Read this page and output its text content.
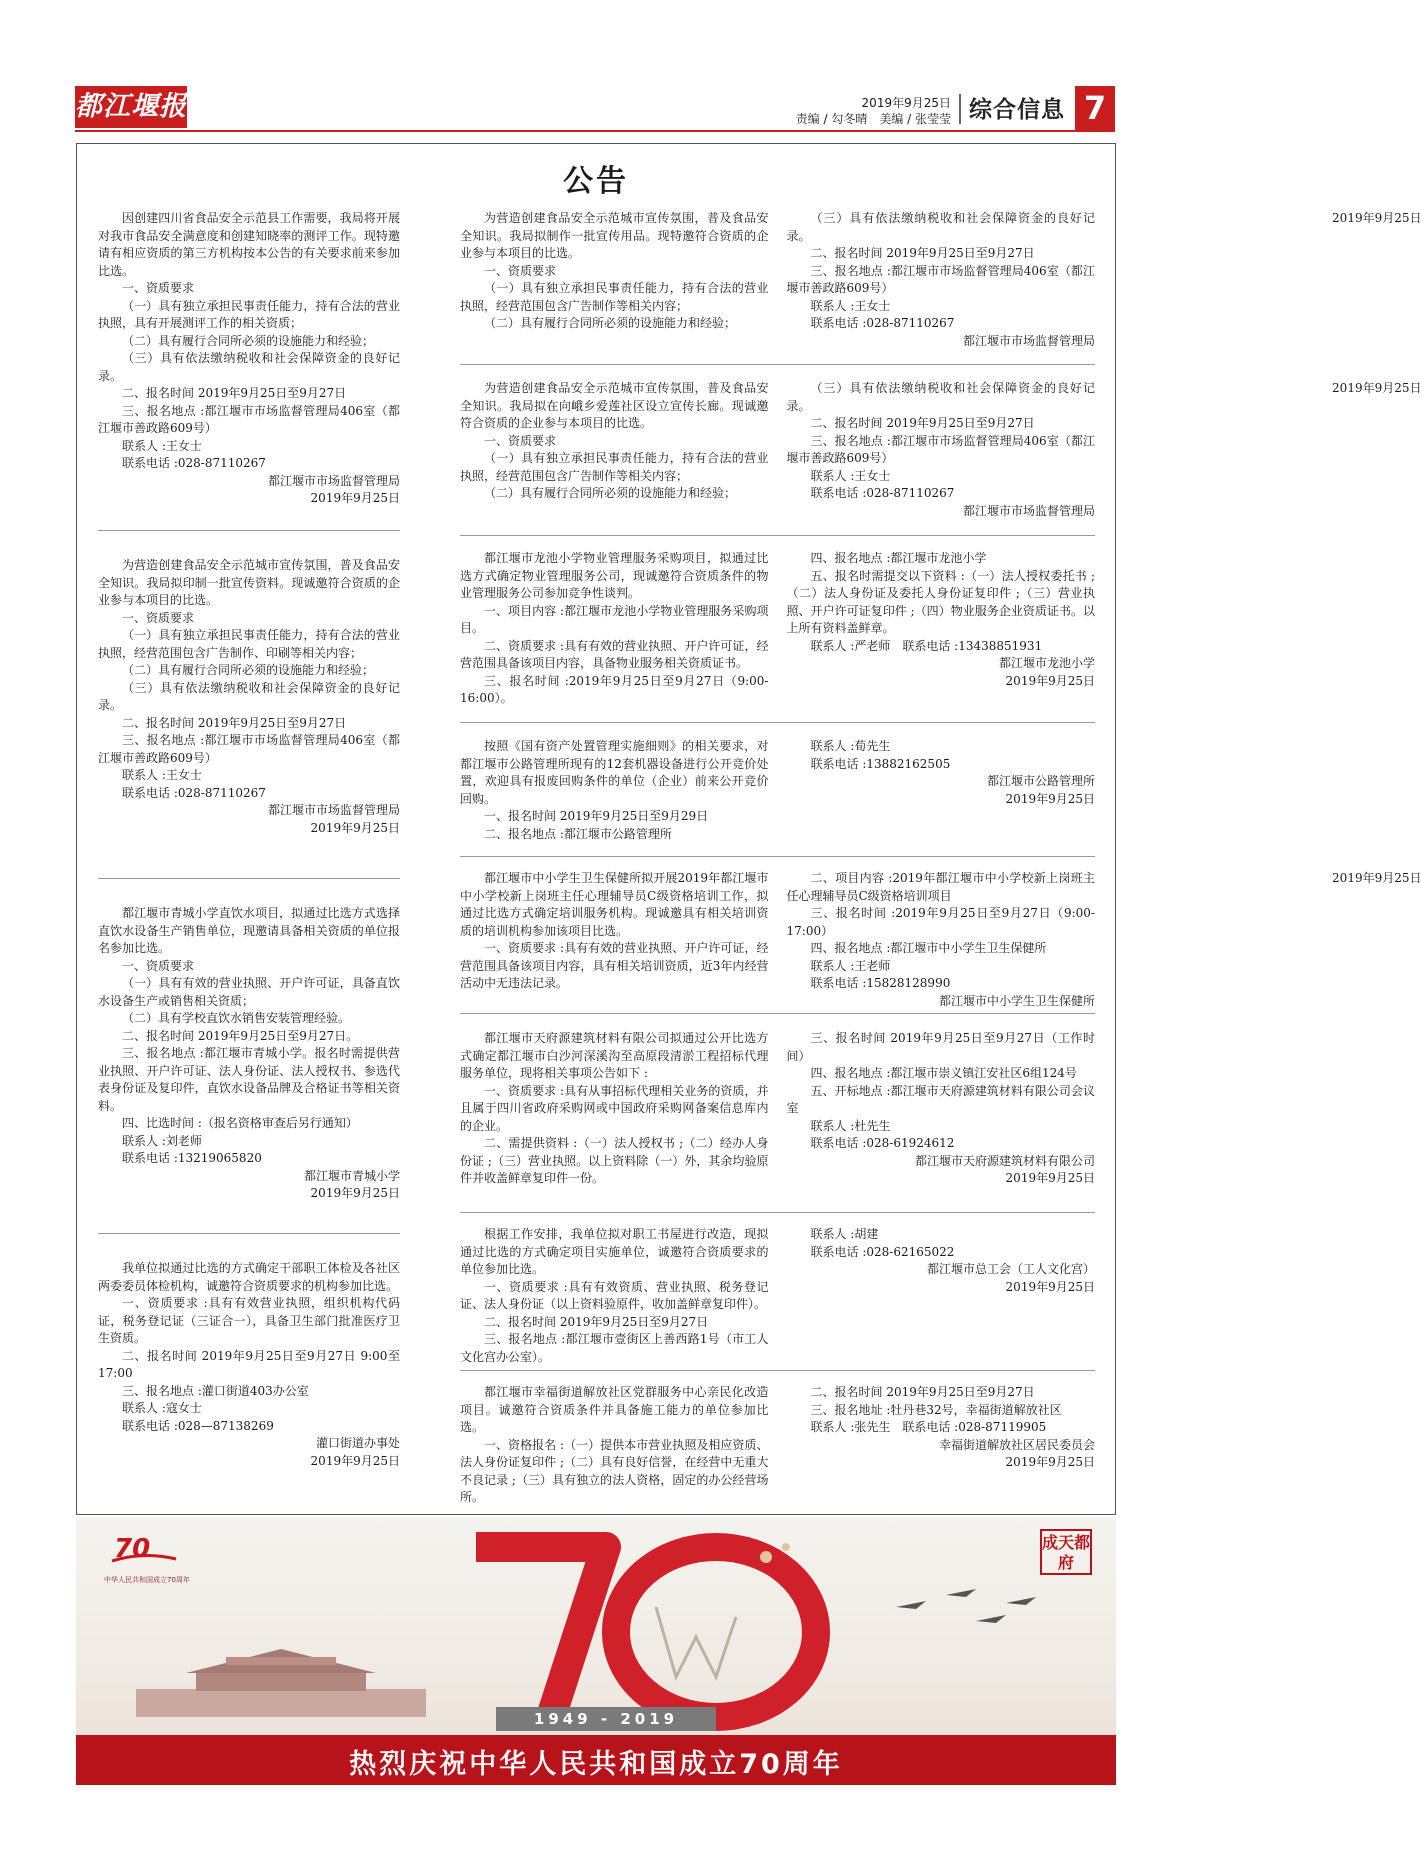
都江堰报	2019年9月25日
责编 / 勾冬晴　美编 / 张莹莹 综合信息 7
公告

因创建四川省食品安全示范县工作需要，我局将开展对我市食品安全满意度和创建知晓率的测评工作。现特邀请有相应资质的第三方机构按本公告的有关要求前来参加比选。

一、资质要求

（一）具有独立承担民事责任能力，持有合法的营业执照，具有开展测评工作的相关资质；

（二）具有履行合同所必须的设施能力和经验；

（三）具有依法缴纳税收和社会保障资金的良好记录。

二、报名时间 2019年9月25日至9月27日

三、报名地点 :都江堰市市场监督管理局406室（都江堰市善政路609号）

联系人 :王女士

联系电话 :028-87110267

都江堰市市场监督管理局

2019年9月25日

为营造创建食品安全示范城市宣传氛围，普及食品安全知识。我局拟印制一批宣传资料。现诚邀符合资质的企业参与本项目的比选。

一、资质要求

（一）具有独立承担民事责任能力，持有合法的营业执照，经营范围包含广告制作、印刷等相关内容；

（二）具有履行合同所必须的设施能力和经验；

（三）具有依法缴纳税收和社会保障资金的良好记录。

二、报名时间 2019年9月25日至9月27日

三、报名地点 :都江堰市市场监督管理局406室（都江堰市善政路609号）

联系人 :王女士

联系电话 :028-87110267

都江堰市市场监督管理局

2019年9月25日

都江堰市青城小学直饮水项目，拟通过比选方式选择直饮水设备生产销售单位，现邀请具备相关资质的单位报名参加比选。

一、资质要求

（一）具有有效的营业执照、开户许可证，具备直饮水设备生产或销售相关资质；

（二）具有学校直饮水销售安装管理经验。

二、报名时间 2019年9月25日至9月27日。

三、报名地点 :都江堰市青城小学。报名时需提供营业执照、开户许可证、法人身份证、法人授权书、参选代表身份证及复印件，直饮水设备品牌及合格证书等相关资料。

四、比选时间 :（报名资格审查后另行通知）

联系人 :刘老师

联系电话 :13219065820

都江堰市青城小学

2019年9月25日

我单位拟通过比选的方式确定干部职工体检及各社区两委委员体检机构，诚邀符合资质要求的机构参加比选。

一、资质要求 :具有有效营业执照，组织机构代码证，税务登记证（三证合一），具备卫生部门批准医疗卫生资质。

二、报名时间 2019年9月25日至9月27日 9:00至17:00

三、报名地点 :灌口街道403办公室

联系人 :寇女士

联系电话 :028—87138269

灌口街道办事处

2019年9月25日

为营造创建食品安全示范城市宣传氛围，普及食品安全知识。我局拟制作一批宣传用品。现特邀符合资质的企业参与本项目的比选。

一、资质要求

（一）具有独立承担民事责任能力，持有合法的营业执照，经营范围包含广告制作等相关内容；

（二）具有履行合同所必须的设施能力和经验；

（三）具有依法缴纳税收和社会保障资金的良好记录。

二、报名时间 2019年9月25日至9月27日

三、报名地点 :都江堰市市场监督管理局406室（都江堰市善政路609号）

联系人 :王女士

联系电话 :028-87110267

都江堰市市场监督管理局

2019年9月25日

为营造创建食品安全示范城市宣传氛围，普及食品安全知识。我局拟在向峨乡爱莲社区设立宣传长廊。现诚邀符合资质的企业参与本项目的比选。

一、资质要求

（一）具有独立承担民事责任能力，持有合法的营业执照，经营范围包含广告制作等相关内容；

（二）具有履行合同所必须的设施能力和经验；

（三）具有依法缴纳税收和社会保障资金的良好记录。

二、报名时间 2019年9月25日至9月27日

三、报名地点 :都江堰市市场监督管理局406室（都江堰市善政路609号）

联系人 :王女士

联系电话 :028-87110267

都江堰市市场监督管理局

2019年9月25日

都江堰市龙池小学物业管理服务采购项目，拟通过比选方式确定物业管理服务公司，现诚邀符合资质条件的物业管理服务公司参加竞争性谈判。

一、项目内容 :都江堰市龙池小学物业管理服务采购项目。

二、资质要求 :具有有效的营业执照、开户许可证，经营范围具备该项目内容，具备物业服务相关资质证书。

三、报名时间 :2019年9月25日至9月27日（9:00-16:00）。

四、报名地点 :都江堰市龙池小学

五、报名时需提交以下资料 :（一）法人授权委托书 ;（二）法人身份证及委托人身份证复印件 ;（三）营业执照、开户许可证复印件 ;（四）物业服务企业资质证书。以上所有资料盖鲜章。

联系人 :严老师　联系电话 :13438851931

都江堰市龙池小学

2019年9月25日

按照《国有资产处置管理实施细则》的相关要求，对都江堰市公路管理所现有的12套机器设备进行公开竞价处置，欢迎具有报废回购条件的单位（企业）前来公开竞价回购。

一、报名时间 2019年9月25日至9月29日

二、报名地点 :都江堰市公路管理所

联系人 :荀先生

联系电话 :13882162505

都江堰市公路管理所

2019年9月25日

都江堰市中小学生卫生保健所拟开展2019年都江堰市中小学校新上岗班主任心理辅导员C级资格培训工作，拟通过比选方式确定培训服务机构。现诚邀具有相关培训资质的培训机构参加该项目比选。

一、资质要求 :具有有效的营业执照、开户许可证，经营范围具备该项目内容，具有相关培训资质，近3年内经营活动中无违法记录。

二、项目内容 :2019年都江堰市中小学校新上岗班主任心理辅导员C级资格培训项目

三、报名时间 :2019年9月25日至9月27日（9:00-17:00）

四、报名地点 :都江堰市中小学生卫生保健所

联系人 :王老师

联系电话 :15828128990

都江堰市中小学生卫生保健所

2019年9月25日

都江堰市天府源建筑材料有限公司拟通过公开比选方式确定都江堰市白沙河深溪沟至高原段清淤工程招标代理服务单位，现将相关事项公告如下 :

一、资质要求 :具有从事招标代理相关业务的资质，并且属于四川省政府采购网或中国政府采购网备案信息库内的企业。

二、需提供资料 :（一）法人授权书 ;（二）经办人身份证 ;（三）营业执照。以上资料除（一）外，其余均验原件并收盖鲜章复印件一份。

三、报名时间 2019年9月25日至9月27日（工作时间）

四、报名地点 :都江堰市崇义镇江安社区6组124号

五、开标地点 :都江堰市天府源建筑材料有限公司会议室

联系人 :杜先生

联系电话 :028-61924612

都江堰市天府源建筑材料有限公司

2019年9月25日

根据工作安排，我单位拟对职工书屋进行改造，现拟通过比选的方式确定项目实施单位，诚邀符合资质要求的单位参加比选。

一、资质要求 :具有有效资质、营业执照、税务登记证、法人身份证（以上资料验原件，收加盖鲜章复印件）。

二、报名时间 2019年9月25日至9月27日

三、报名地点 :都江堰市壹街区上善西路1号（市工人文化宫办公室）。

联系人 :胡建

联系电话 :028-62165022

都江堰市总工会（工人文化宫）

2019年9月25日

都江堰市幸福街道解放社区党群服务中心亲民化改造项目。诚邀符合资质条件并具备施工能力的单位参加比选。

一、资格报名 :（一）提供本市营业执照及相应资质、法人身份证复印件 ;（二）具有良好信誉，在经营中无重大不良记录 ;（三）具有独立的法人资格，固定的办公经营场所。

二、报名时间 2019年9月25日至9月27日

三、报名地址 :牡丹巷32号，幸福街道解放社区

联系人 :张先生　联系电话 :028-87119905

幸福街道解放社区居民委员会

2019年9月25日

70
中华人民共和国成立70周年
成天都府
1949 - 2019
热烈庆祝中华人民共和国成立70周年
